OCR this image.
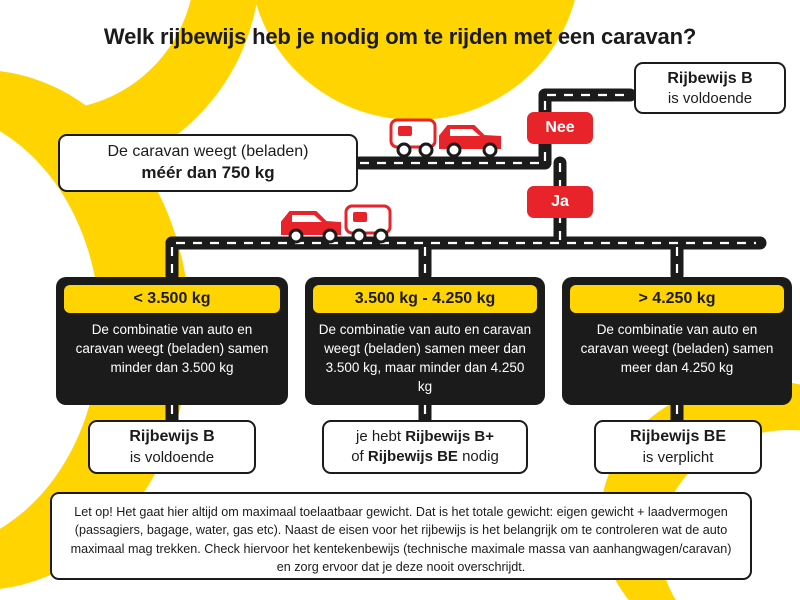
Welk rijbewijs heb je nodig om te rijden met een caravan?
Rijbewijs B
is voldoende
De caravan weegt (beladen)
méér dan 750 kg
Nee
Ja
< 3.500 kg
De combinatie van auto en caravan weegt (beladen) samen minder dan 3.500 kg
3.500 kg - 4.250 kg
De combinatie van auto en caravan weegt (beladen) samen meer dan 3.500 kg, maar minder dan 4.250 kg
> 4.250 kg
De combinatie van auto en caravan weegt (beladen) samen meer dan 4.250 kg
Rijbewijs B
is voldoende
je hebt Rijbewijs B+
of Rijbewijs BE nodig
Rijbewijs BE
is verplicht
Let op! Het gaat hier altijd om maximaal toelaatbaar gewicht. Dat is het totale gewicht: eigen gewicht + laadvermogen (passagiers, bagage, water, gas etc). Naast de eisen voor het rijbewijs is het belangrijk om te controleren wat de auto maximaal mag trekken. Check hiervoor het kentekenbewijs (technische maximale massa van aanhangwagen/caravan) en zorg ervoor dat je deze nooit overschrijdt.
